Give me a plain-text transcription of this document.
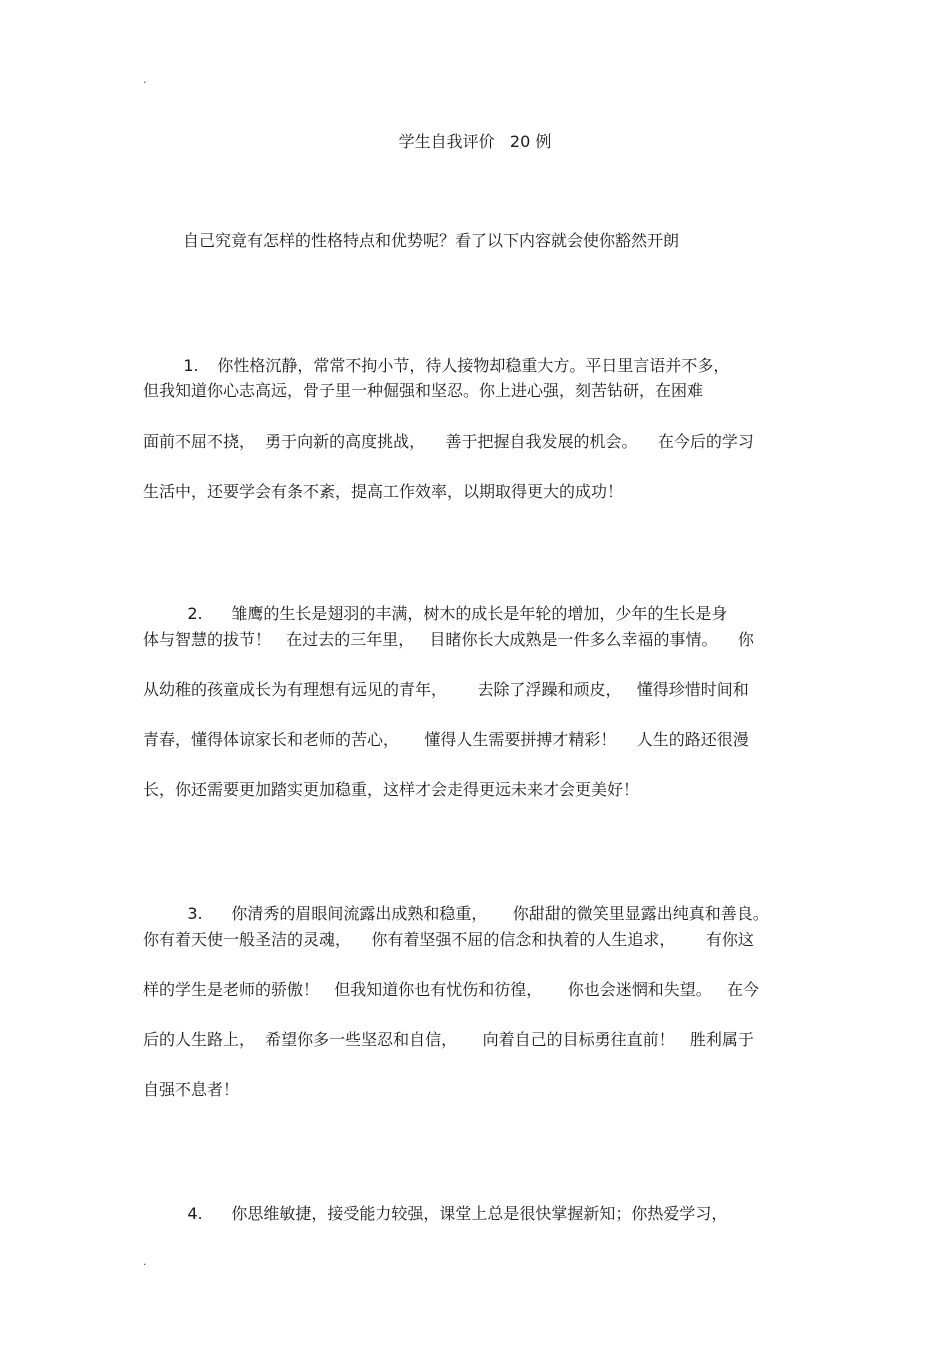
.
学生自我评价   20 例
自己究竟有怎样的性格特点和优势呢？看了以下内容就会使你豁然开朗

1. 你性格沉静，常常不拘小节，待人接物却稳重大方。平日里言语并不多，

但我知道你心志高远，骨子里一种倔强和坚忍。你上进心强，刻苦钻研，在困难
面前不屈不挠，  勇于向新的高度挑战，    善于把握自我发展的机会。    在今后的学习
生活中，还要学会有条不紊，提高工作效率，以期取得更大的成功！

2. 雏鹰的生长是翅羽的丰满，树木的成长是年轮的增加，少年的生长是身

体与智慧的拔节！   在过去的三年里，   目睹你长大成熟是一件多么幸福的事情。    你
从幼稚的孩童成长为有理想有远见的青年，      去除了浮躁和顽皮，   懂得珍惜时间和
青春，懂得体谅家长和老师的苦心，     懂得人生需要拼搏才精彩！    人生的路还很漫
长，你还需要更加踏实更加稳重，这样才会走得更远未来才会更美好！

3. 你清秀的眉眼间流露出成熟和稳重，     你甜甜的微笑里显露出纯真和善良。

你有着天使一般圣洁的灵魂，    你有着坚强不屈的信念和执着的人生追求，      有你这
样的学生是老师的骄傲！   但我知道你也有忧伤和彷徨，     你也会迷惘和失望。   在今
后的人生路上，  希望你多一些坚忍和自信，     向着自己的目标勇往直前！   胜利属于
自强不息者！

4. 你思维敏捷，接受能力较强，课堂上总是很快掌握新知；你热爱学习，

.
